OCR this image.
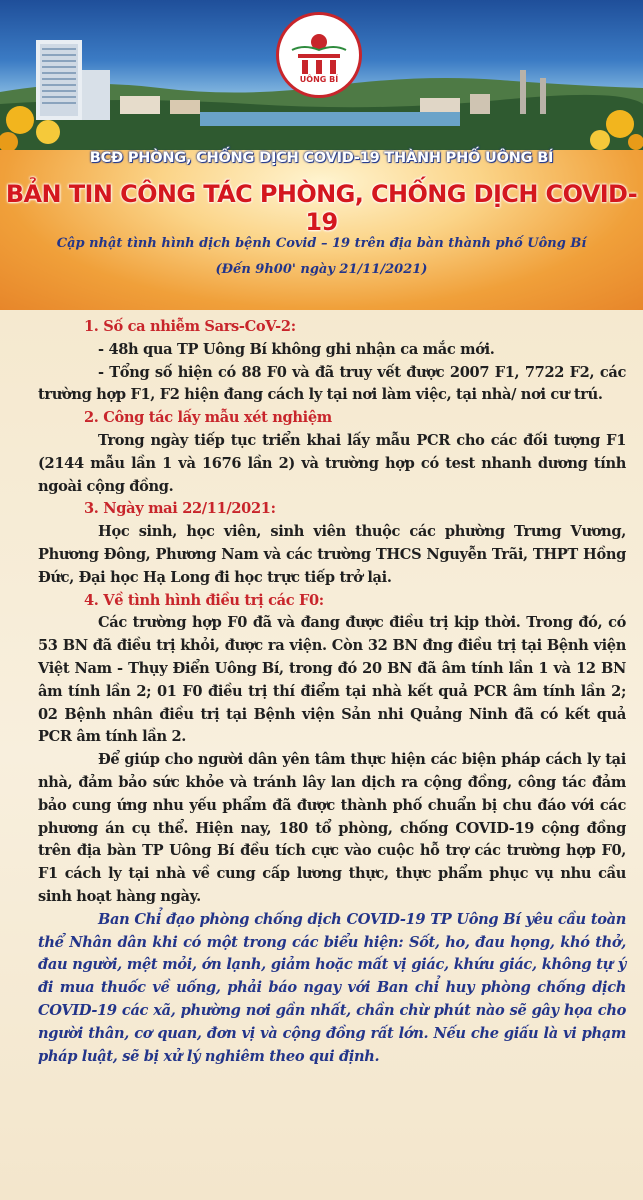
UÔNG BÍ
BCĐ PHÒNG, CHỐNG DỊCH COVID-19 THÀNH PHỐ UÔNG BÍ
BẢN TIN CÔNG TÁC PHÒNG, CHỐNG DỊCH COVID-19
Cập nhật tình hình dịch bệnh Covid – 19 trên địa bàn thành phố Uông Bí
(Đến 9h00' ngày 21/11/2021)
1. Số ca nhiễm Sars-CoV-2:
- 48h qua TP Uông Bí không ghi nhận ca mắc mới.
- Tổng số hiện có 88 F0 và đã truy vết được 2007 F1, 7722 F2, các trường hợp F1, F2 hiện đang cách ly tại nơi làm việc, tại nhà/ nơi cư trú.
2. Công tác lấy mẫu xét nghiệm
Trong ngày tiếp tục triển khai lấy mẫu PCR cho các đối tượng F1 (2144 mẫu lần 1 và 1676 lần 2) và trường hợp có test nhanh dương tính ngoài cộng đồng.
3. Ngày mai 22/11/2021:
Học sinh, học viên, sinh viên thuộc các phường Trưng Vương, Phương Đông, Phương Nam và các trường THCS Nguyễn Trãi, THPT Hồng Đức, Đại học Hạ Long đi học trực tiếp trở lại.
4. Về tình hình điều trị các F0:
Các trường hợp F0 đã và đang được điều trị kịp thời. Trong đó, có 53 BN đã điều trị khỏi, được ra viện. Còn 32 BN đng điều trị tại Bệnh viện Việt Nam - Thụy Điển Uông Bí, trong đó 20 BN đã âm tính lần 1 và 12 BN âm tính lần 2; 01 F0 điều trị thí điểm tại nhà kết quả PCR âm tính lần 2; 02 Bệnh nhân điều trị tại Bệnh viện Sản nhi Quảng Ninh đã có kết quả PCR âm tính lần 2.
Để giúp cho người dân yên tâm thực hiện các biện pháp cách ly tại nhà, đảm bảo sức khỏe và tránh lây lan dịch ra cộng đồng, công tác đảm bảo cung ứng nhu yếu phẩm đã được thành phố chuẩn bị chu đáo với các phương án cụ thể. Hiện nay, 180 tổ phòng, chống COVID-19 cộng đồng trên địa bàn TP Uông Bí đều tích cực vào cuộc hỗ trợ các trường hợp F0, F1 cách ly tại nhà về cung cấp lương thực, thực phẩm phục vụ nhu cầu sinh hoạt hàng ngày.
Ban Chỉ đạo phòng chống dịch COVID-19 TP Uông Bí yêu cầu toàn thể Nhân dân khi có một trong các biểu hiện: Sốt, ho, đau họng, khó thở, đau người, mệt mỏi, ớn lạnh, giảm hoặc mất vị giác, khứu giác, không tự ý đi mua thuốc về uống, phải báo ngay với Ban chỉ huy phòng chống dịch COVID-19 các xã, phường nơi gần nhất, chần chừ phút nào sẽ gây họa cho người thân, cơ quan, đơn vị và cộng đồng rất lớn. Nếu che giấu là vi phạm pháp luật, sẽ bị xử lý nghiêm theo qui định.
